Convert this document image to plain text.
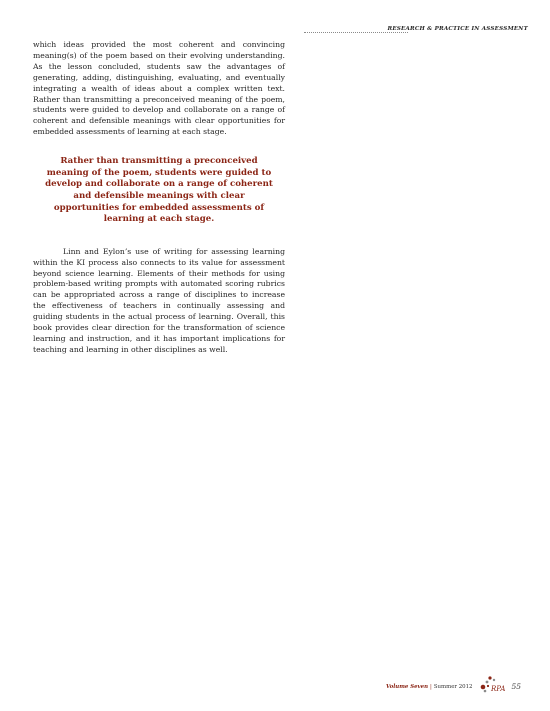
RESEARCH & PRACTICE IN ASSESSMENT

which ideas provided the most coherent and convincing meaning(s) of the poem based on their evolving understanding. As the lesson concluded, students saw the advantages of generating, adding, distinguishing, evaluating, and eventually integrating a wealth of ideas about a complex written text. Rather than transmitting a preconceived meaning of the poem, students were guided to develop and collaborate on a range of coherent and defensible meanings with clear opportunities for embedded assessments of learning at each stage.

Rather than transmitting a preconceived meaning of the poem, students were guided to develop and collaborate on a range of coherent and defensible meanings with clear opportunities for embedded assessments of learning at each stage.

Linn and Eylon’s use of writing for assessing learning within the KI process also connects to its value for assessment beyond science learning. Elements of their methods for using problem-based writing prompts with automated scoring rubrics can be appropriated across a range of disciplines to increase the effectiveness of teachers in continually assessing and guiding students in the actual process of learning. Overall, this book provides clear direction for the transformation of science learning and instruction, and it has important implications for teaching and learning in other disciplines as well.

Volume Seven | Summer 2012	RPA 55
